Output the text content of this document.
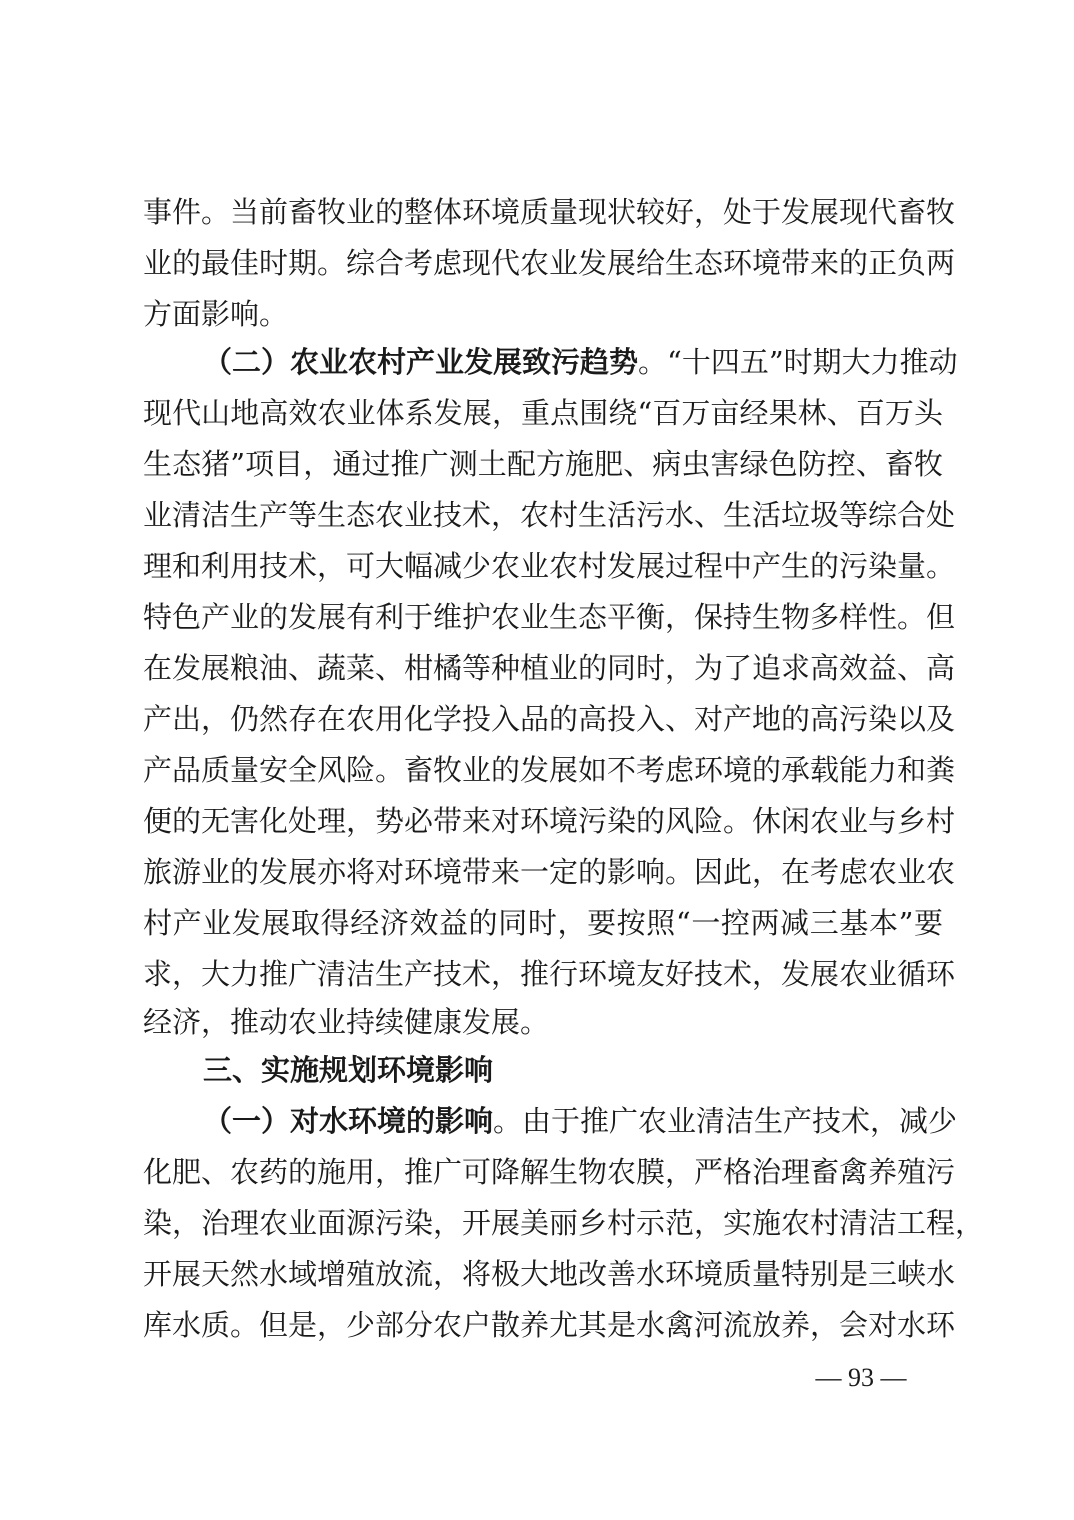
事件。当前畜牧业的整体环境质量现状较好，处于发展现代畜牧
业的最佳时期。综合考虑现代农业发展给生态环境带来的正负两
方面影响。
（二）农业农村产业发展致污趋势。“十四五”时期大力推动
现代山地高效农业体系发展，重点围绕“百万亩经果林、百万头
生态猪”项目，通过推广测土配方施肥、病虫害绿色防控、畜牧
业清洁生产等生态农业技术，农村生活污水、生活垃圾等综合处
理和利用技术，可大幅减少农业农村发展过程中产生的污染量。
特色产业的发展有利于维护农业生态平衡，保持生物多样性。但
在发展粮油、蔬菜、柑橘等种植业的同时，为了追求高效益、高
产出，仍然存在农用化学投入品的高投入、对产地的高污染以及
产品质量安全风险。畜牧业的发展如不考虑环境的承载能力和粪
便的无害化处理，势必带来对环境污染的风险。休闲农业与乡村
旅游业的发展亦将对环境带来一定的影响。因此，在考虑农业农
村产业发展取得经济效益的同时，要按照“一控两减三基本”要
求，大力推广清洁生产技术，推行环境友好技术，发展农业循环
经济，推动农业持续健康发展。
三、实施规划环境影响
（一）对水环境的影响。由于推广农业清洁生产技术，减少
化肥、农药的施用，推广可降解生物农膜，严格治理畜禽养殖污
染，治理农业面源污染，开展美丽乡村示范，实施农村清洁工程，
开展天然水域增殖放流，将极大地改善水环境质量特别是三峡水
库水质。但是，少部分农户散养尤其是水禽河流放养，会对水环
— 93 —
